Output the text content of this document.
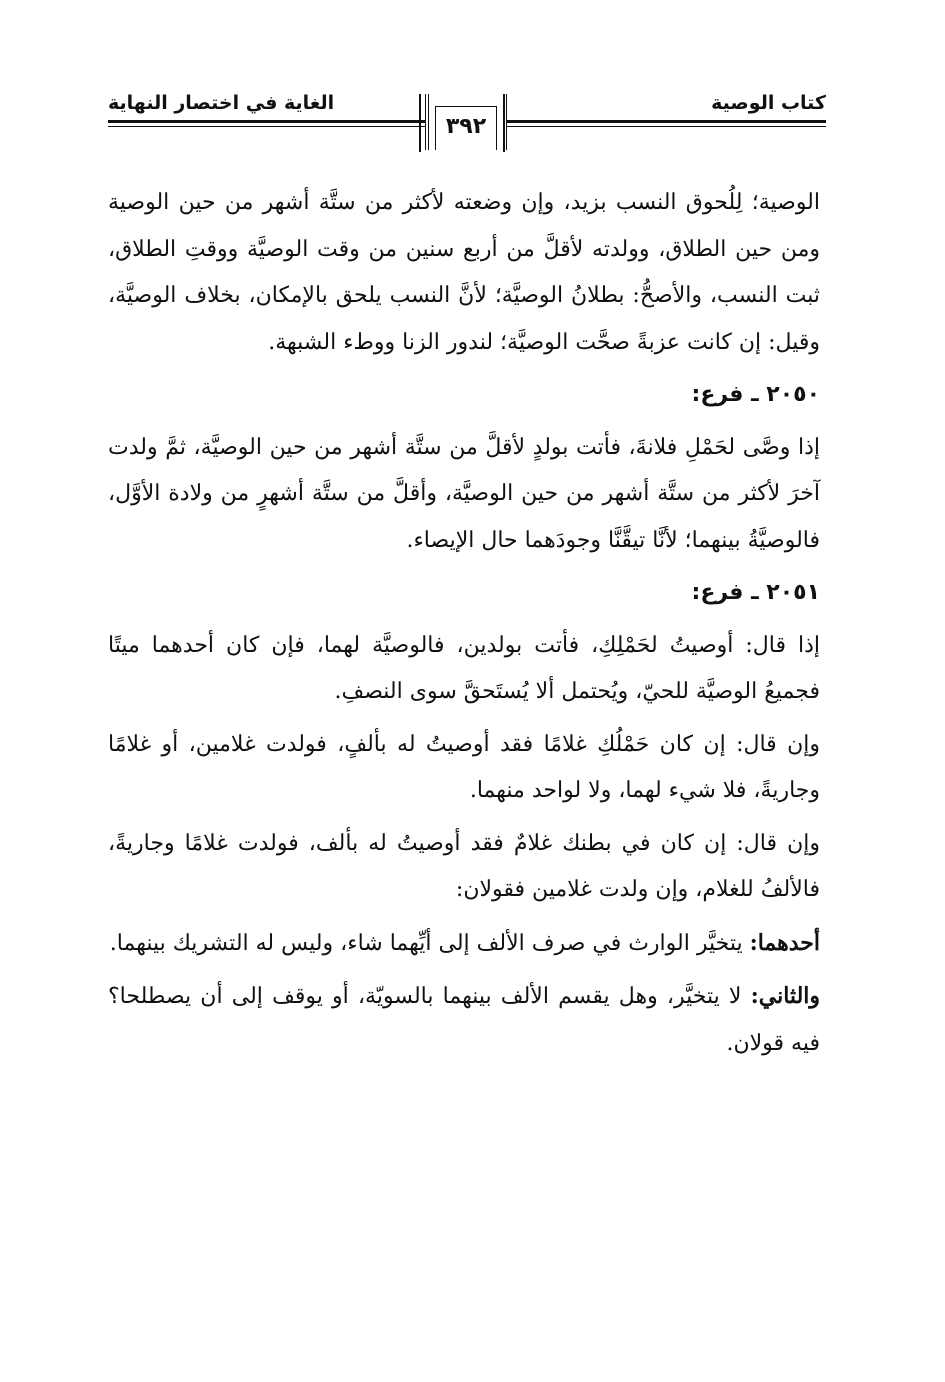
كتاب الوصية
الغاية في اختصار النهاية
٣٩٢

الوصية؛ لِلُحوق النسب بزيد، وإن وضعته لأكثر من ستَّة أشهر من حين الوصية ومن حين الطلاق، وولدته لأقلَّ من أربع سنين من وقت الوصيَّة ووقتِ الطلاق، ثبت النسب، والأصحُّ: بطلانُ الوصيَّة؛ لأنَّ النسب يلحق بالإمكان، بخلاف الوصيَّة، وقيل: إن كانت عزبةً صحَّت الوصيَّة؛ لندور الزنا ووطء الشبهة.

٢٠٥٠ ـ فرع:

إذا وصَّى لحَمْلِ فلانةَ، فأتت بولدٍ لأقلَّ من ستَّة أشهر من حين الوصيَّة، ثمَّ ولدت آخرَ لأكثر من ستَّة أشهر من حين الوصيَّة، وأقلَّ من ستَّة أشهرٍ من ولادة الأوَّل، فالوصيَّةُ بينهما؛ لأنَّا تيقَّنَّا وجودَهما حال الإيصاء.

٢٠٥١ ـ فرع:

إذا قال: أوصيتُ لحَمْلِكِ، فأتت بولدين، فالوصيَّة لهما، فإن كان أحدهما ميتًا فجميعُ الوصيَّة للحيّ، ويُحتمل ألا يُستَحقَّ سوى النصفِ.

وإن قال: إن كان حَمْلُكِ غلامًا فقد أوصيتُ له بألفٍ، فولدت غلامين، أو غلامًا وجاريةً، فلا شيء لهما، ولا لواحد منهما.

وإن قال: إن كان في بطنك غلامٌ فقد أوصيتُ له بألف، فولدت غلامًا وجاريةً، فالألفُ للغلام، وإن ولدت غلامين فقولان:

أحدهما: يتخيَّر الوارث في صرف الألف إلى أيِّهما شاء، وليس له التشريك بينهما.

والثاني: لا يتخيَّر، وهل يقسم الألف بينهما بالسويّة، أو يوقف إلى أن يصطلحا؟ فيه قولان.
